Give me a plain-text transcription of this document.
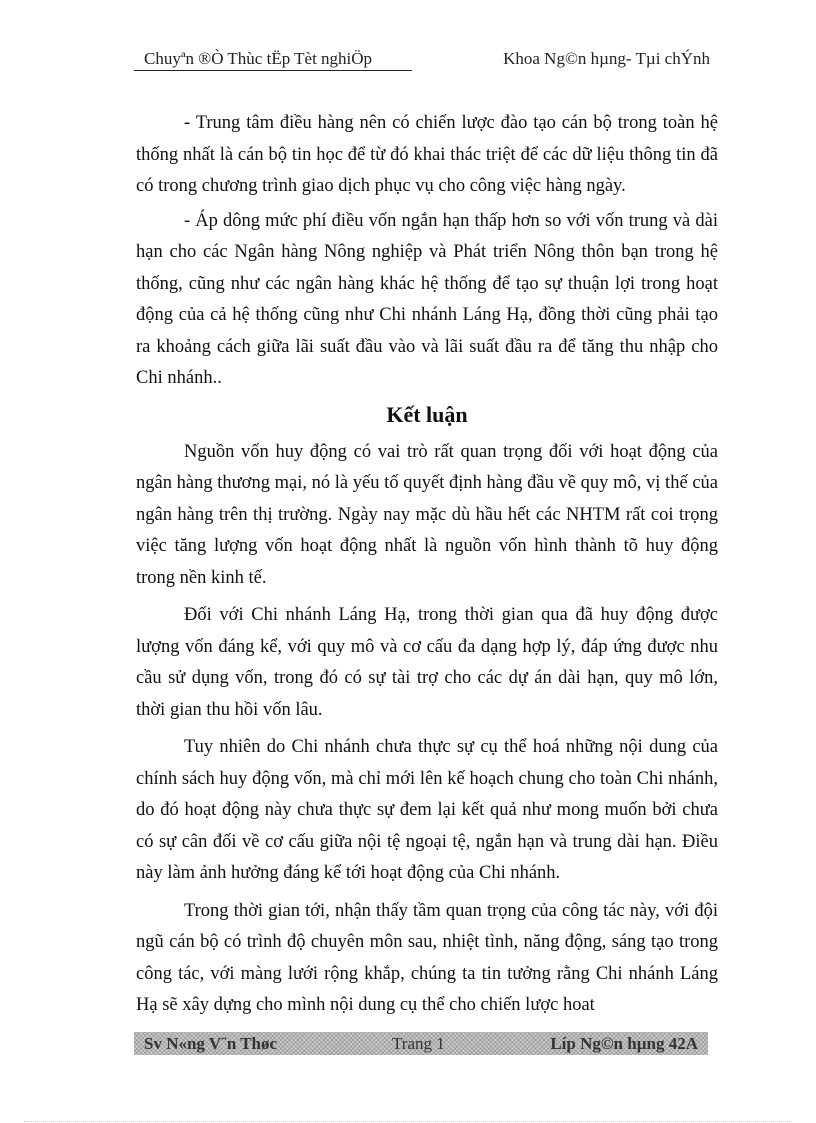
Chuyªn ®Ò Thùc tËp Tèt nghiÖp	Khoa Ng©n hµng- Tµi chÝnh

- Trung tâm điều hàng nên có chiến lược đào tạo cán bộ trong toàn hệ thống nhất là cán bộ tin học để từ đó khai thác triệt để các dữ liệu thông tin đã có trong chương trình giao dịch phục vụ cho công việc hàng ngày.

- Áp dông mức phí điều vốn ngắn hạn thấp hơn so với vốn trung và dài hạn cho các Ngân hàng Nông nghiệp và Phát triển Nông thôn bạn trong hệ thống, cũng như các ngân hàng khác hệ thống để tạo sự thuận lợi trong hoạt động của cả hệ thống cũng như Chi nhánh Láng Hạ, đồng thời cũng phải tạo ra khoảng cách giữa lãi suất đầu vào và lãi suất đầu ra để tăng thu nhập cho Chi nhánh..

Kết luận

Nguồn vốn huy động có vai trò rất quan trọng đối với hoạt động của ngân hàng thương mại, nó là yếu tố quyết định hàng đầu về quy mô, vị thế của ngân hàng trên thị trường. Ngày nay mặc dù hầu hết các NHTM rất coi trọng việc tăng lượng vốn hoạt động nhất là nguồn vốn hình thành tõ huy động trong nền kinh tế.

Đối với Chi nhánh Láng Hạ, trong thời gian qua đã huy động được lượng vốn đáng kể, với quy mô và cơ cấu đa dạng hợp lý, đáp ứng được nhu cầu sử dụng vốn, trong đó có sự tài trợ cho các dự án dài hạn, quy mô lớn, thời gian thu hồi vốn lâu.

Tuy nhiên do Chi nhánh chưa thực sự cụ thể hoá những nội dung của chính sách huy động vốn, mà chỉ mới lên kế hoạch chung cho toàn Chi nhánh, do đó hoạt động này chưa thực sự đem lại kết quả như mong muốn bởi chưa có sự cân đối về cơ cấu giữa nội tệ ngoại tệ, ngắn hạn và trung dài hạn. Điều này làm ảnh hưởng đáng kể tới hoạt động của Chi nhánh.

Trong thời gian tới, nhận thấy tầm quan trọng của công tác này, với đội ngũ cán bộ có trình độ chuyên môn sau, nhiệt tình, năng động, sáng tạo trong công tác, với màng lưới rộng khắp, chúng ta tin tưởng rằng Chi nhánh Láng Hạ sẽ xây dựng cho mình nội dung cụ thể cho chiến lược hoat

Sv N«ng V¨n Thøc	Trang 1	Líp Ng©n hµng 42A
